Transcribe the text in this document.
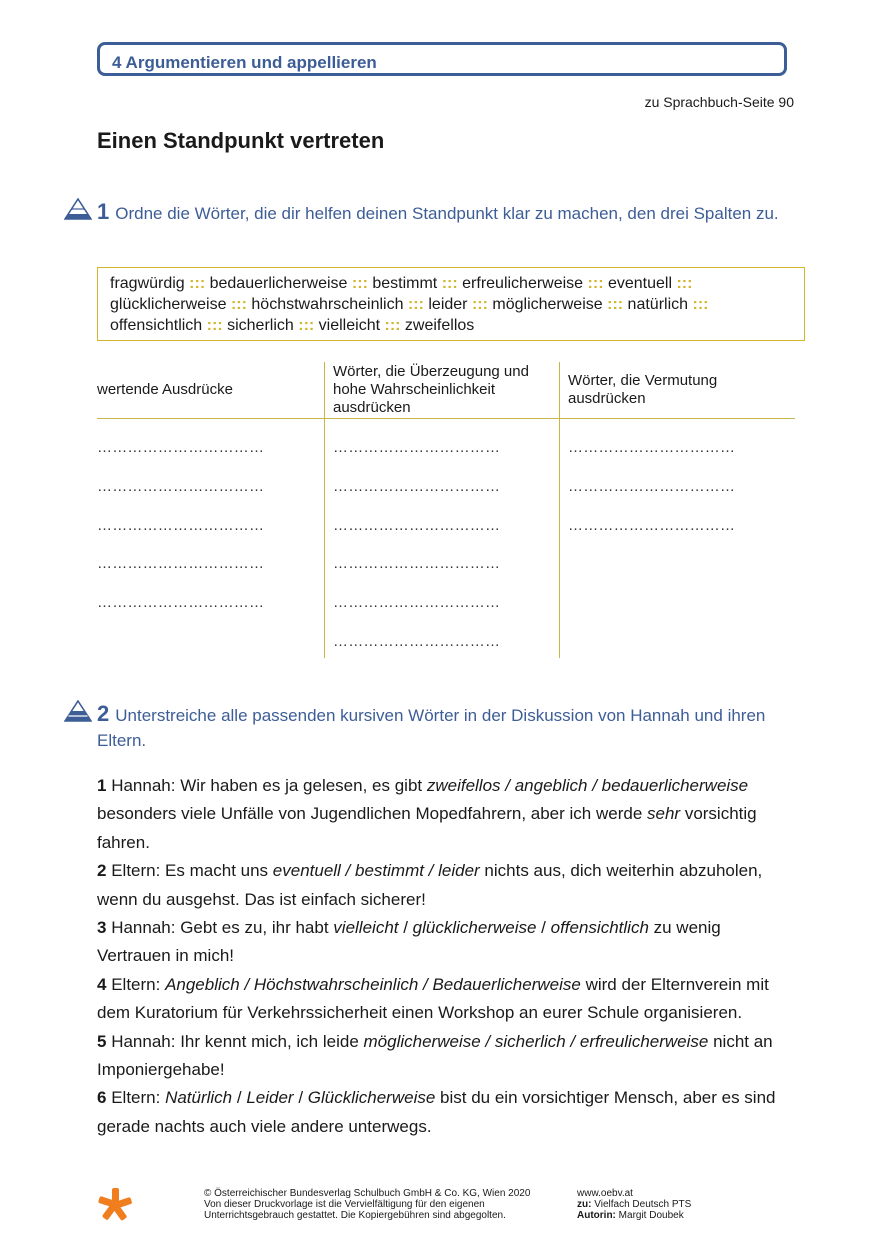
4 Argumentieren und appellieren
zu Sprachbuch-Seite 90
Einen Standpunkt vertreten
1 Ordne die Wörter, die dir helfen deinen Standpunkt klar zu machen, den drei Spalten zu.
fragwürdig ::: bedauerlicherweise ::: bestimmt ::: erfreulicherweise ::: eventuell ::: glücklicherweise ::: höchstwahrscheinlich ::: leider ::: möglicherweise ::: natürlich ::: offensichtlich ::: sicherlich ::: vielleicht ::: zweifellos
wertende Ausdrücke
Wörter, die Überzeugung und hohe Wahrscheinlichkeit ausdrücken
Wörter, die Vermutung ausdrücken
……………………………
……………………………
……………………………
……………………………
……………………………
……………………………
……………………………
……………………………
……………………………
……………………………
……………………………
……………………………
……………………………
……………………………
2 Unterstreiche alle passenden kursiven Wörter in der Diskussion von Hannah und ihren Eltern.

1 Hannah: Wir haben es ja gelesen, es gibt zweifellos / angeblich / bedauerlicherweise besonders viele Unfälle von Jugendlichen Mopedfahrern, aber ich werde sehr vorsichtig fahren.

2 Eltern: Es macht uns eventuell / bestimmt / leider nichts aus, dich weiterhin abzuholen, wenn du ausgehst. Das ist einfach sicherer!

3 Hannah: Gebt es zu, ihr habt vielleicht / glücklicherweise / offensichtlich zu wenig Vertrauen in mich!

4 Eltern: Angeblich / Höchstwahrscheinlich / Bedauerlicherweise wird der Elternverein mit dem Kuratorium für Verkehrssicherheit einen Workshop an eurer Schule organisieren.

5 Hannah: Ihr kennt mich, ich leide möglicherweise / sicherlich / erfreulicherweise nicht an Imponiergehabe!

6 Eltern: Natürlich / Leider / Glücklicherweise bist du ein vorsichtiger Mensch, aber es sind gerade nachts auch viele andere unterwegs.

© Österreichischer Bundesverlag Schulbuch GmbH & Co. KG, Wien 2020
Von dieser Druckvorlage ist die Vervielfältigung für den eigenen
Unterrichtsgebrauch gestattet. Die Kopiergebühren sind abgegolten.
www.oebv.at
zu: Vielfach Deutsch PTS
Autorin: Margit Doubek
